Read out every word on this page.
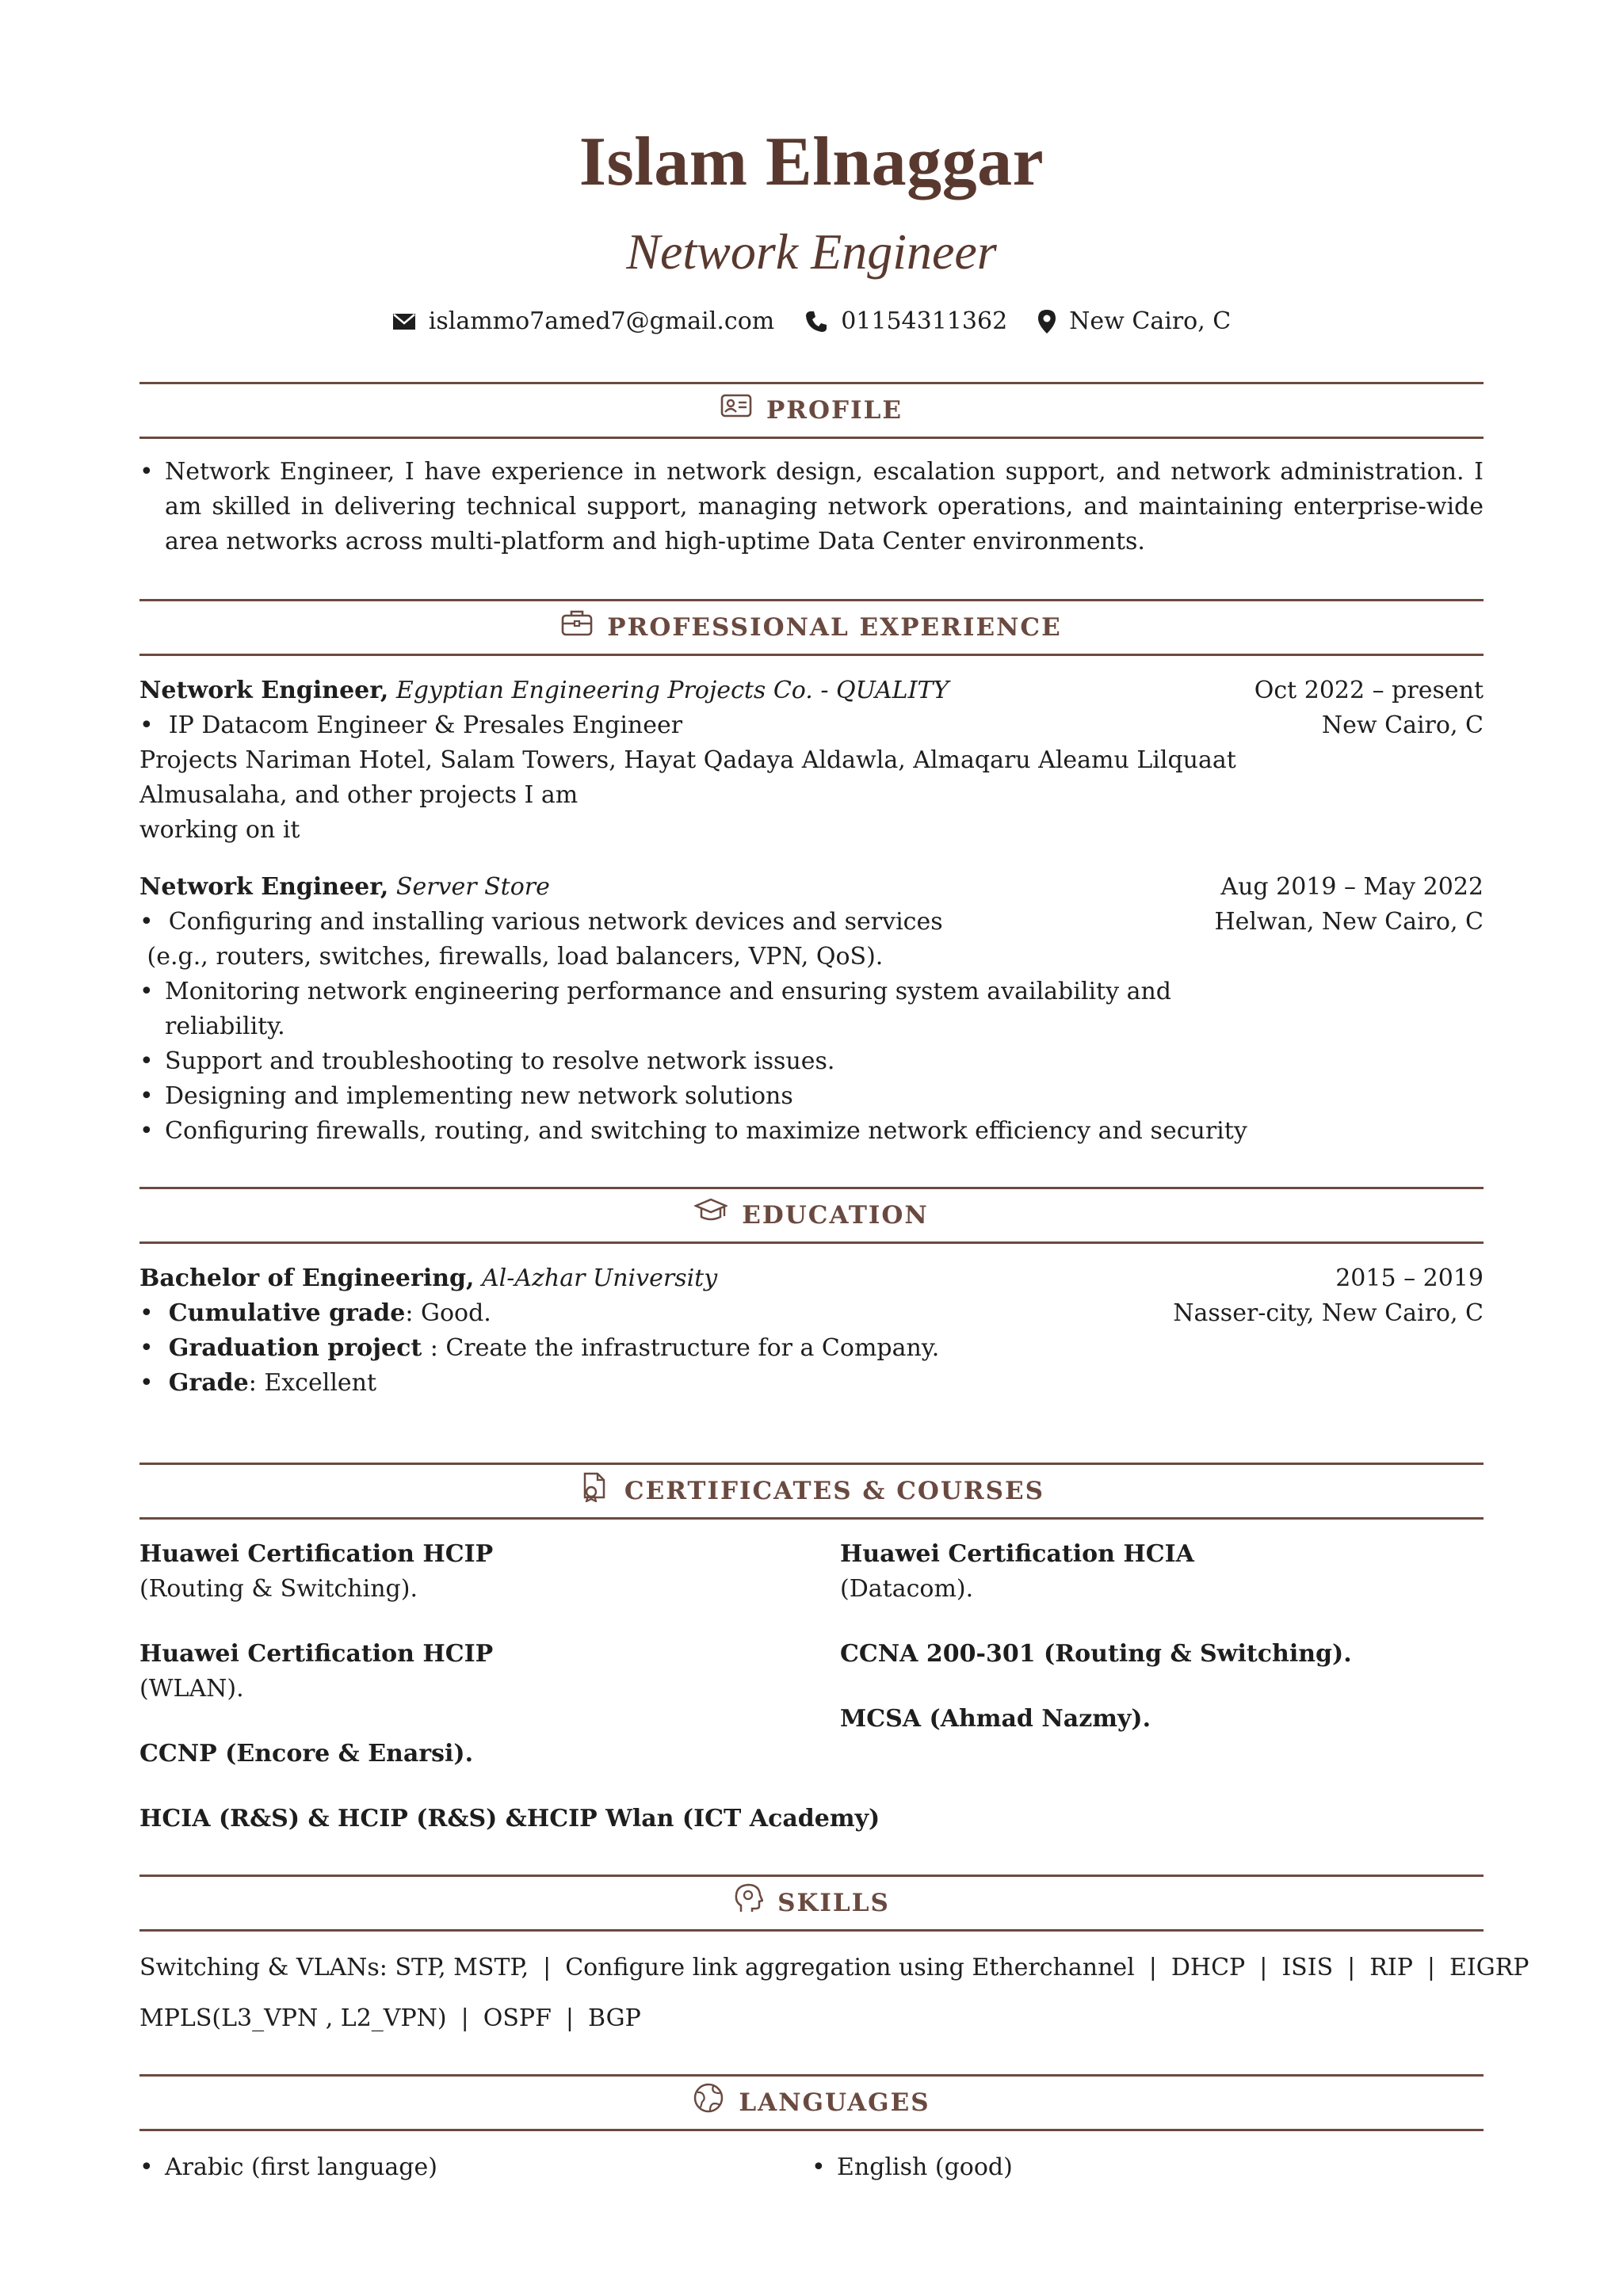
Islam Elnaggar
Network Engineer
islammo7amed7@gmail.com	01154311362	New Cairo, C
PROFILE
• Network Engineer, I have experience in network design, escalation support, and network administration. I am skilled in delivering technical support, managing network operations, and maintaining enterprise-wide area networks across multi-platform and high-uptime Data Center environments.
PROFESSIONAL EXPERIENCE
Network Engineer, Egyptian Engineering Projects Co. - QUALITY	Oct 2022 – present
•  IP Datacom Engineer & Presales Engineer	New Cairo, C
Projects Nariman Hotel, Salam Towers, Hayat Qadaya Aldawla, Almaqaru Aleamu Lilquaat
Almusalaha, and other projects I am
working on it
Network Engineer, Server Store	Aug 2019 – May 2022
•  Configuring and installing various network devices and services	Helwan, New Cairo, C
(e.g., routers, switches, firewalls, load balancers, VPN, QoS).
• Monitoring network engineering performance and ensuring system availability and
reliability.
• Support and troubleshooting to resolve network issues.
• Designing and implementing new network solutions
• Configuring firewalls, routing, and switching to maximize network efficiency and security
EDUCATION
Bachelor of Engineering, Al-Azhar University	2015 – 2019
•  Cumulative grade: Good.	Nasser-city, New Cairo, C
•  Graduation project : Create the infrastructure for a Company.
•  Grade: Excellent
CERTIFICATES & COURSES
Huawei Certification HCIP
(Routing & Switching).
Huawei Certification HCIP
(WLAN).
CCNP (Encore & Enarsi).
HCIA (R&S) & HCIP (R&S) &HCIP Wlan (ICT Academy)
Huawei Certification HCIA
(Datacom).
CCNA 200-301 (Routing & Switching).
MCSA (Ahmad Nazmy).
SKILLS
Switching & VLANs: STP, MSTP, | Configure link aggregation using Etherchannel | DHCP | ISIS | RIP | EIGRP
MPLS(L3_VPN , L2_VPN) | OSPF | BGP
LANGUAGES
• Arabic (first language)	• English (good)
